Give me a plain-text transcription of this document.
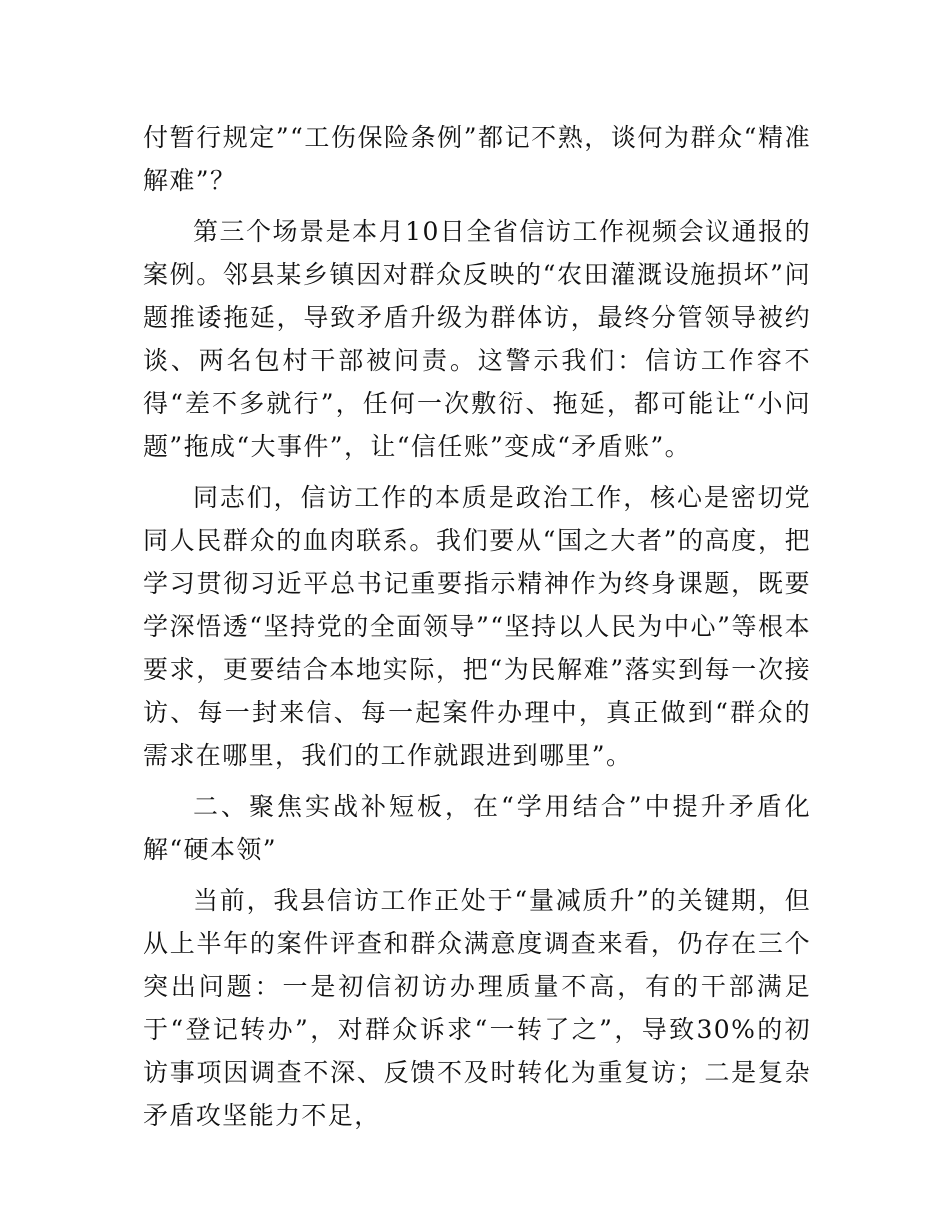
付暂行规定”“工伤保险条例”都记不熟，谈何为群众“精准解难”？

第三个场景是本月10日全省信访工作视频会议通报的案例。邻县某乡镇因对群众反映的“农田灌溉设施损坏”问题推诿拖延，导致矛盾升级为群体访，最终分管领导被约谈、两名包村干部被问责。这警示我们：信访工作容不得“差不多就行”，任何一次敷衍、拖延，都可能让“小问题”拖成“大事件”，让“信任账”变成“矛盾账”。

同志们，信访工作的本质是政治工作，核心是密切党同人民群众的血肉联系。我们要从“国之大者”的高度，把学习贯彻习近平总书记重要指示精神作为终身课题，既要学深悟透“坚持党的全面领导”“坚持以人民为中心”等根本要求，更要结合本地实际，把“为民解难”落实到每一次接访、每一封来信、每一起案件办理中，真正做到“群众的需求在哪里，我们的工作就跟进到哪里”。

二、聚焦实战补短板，在“学用结合”中提升矛盾化解“硬本领”

当前，我县信访工作正处于“量减质升”的关键期，但从上半年的案件评查和群众满意度调查来看，仍存在三个突出问题：一是初信初访办理质量不高，有的干部满足于“登记转办”，对群众诉求“一转了之”，导致30%的初访事项因调查不深、反馈不及时转化为重复访；二是复杂矛盾攻坚能力不足，
